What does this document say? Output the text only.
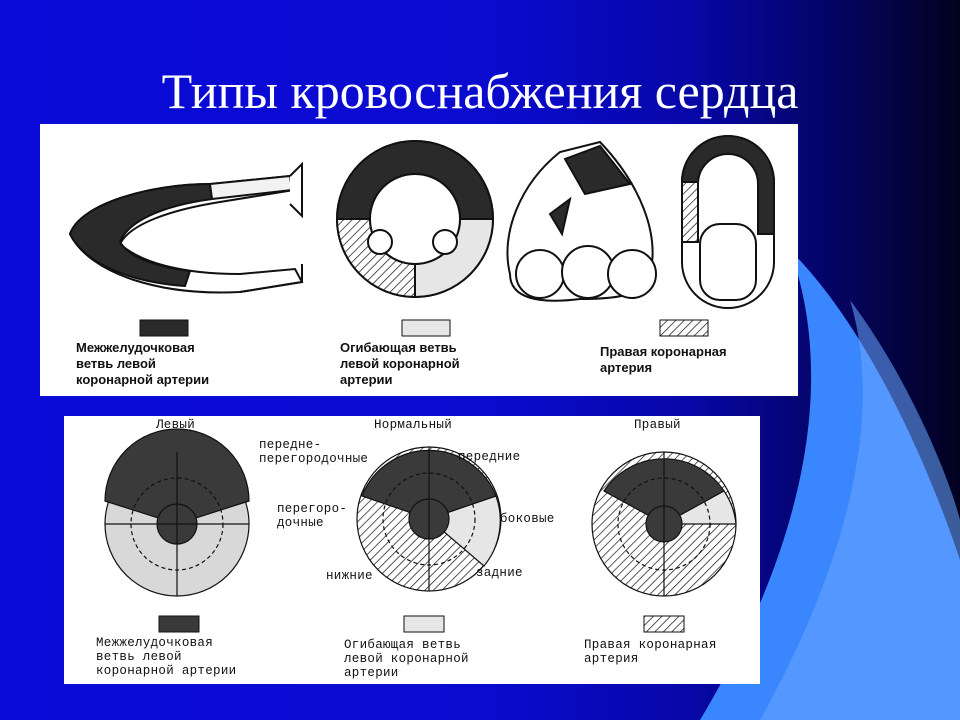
Типы кровоснабжения сердца
Межжелудочковая
ветвь левой
коронарной артерии
Огибающая ветвь
левой коронарной
артерии
Правая коронарная
артерия
Левый	Нормальный	Правый
передне-
перегородочные	передние
перегоро-
дочные	боковые
нижние	задние
Межжелудочковая
ветвь левой
коронарной артерии
Огибающая ветвь
левой коронарной
артерии
Правая коронарная
артерия
